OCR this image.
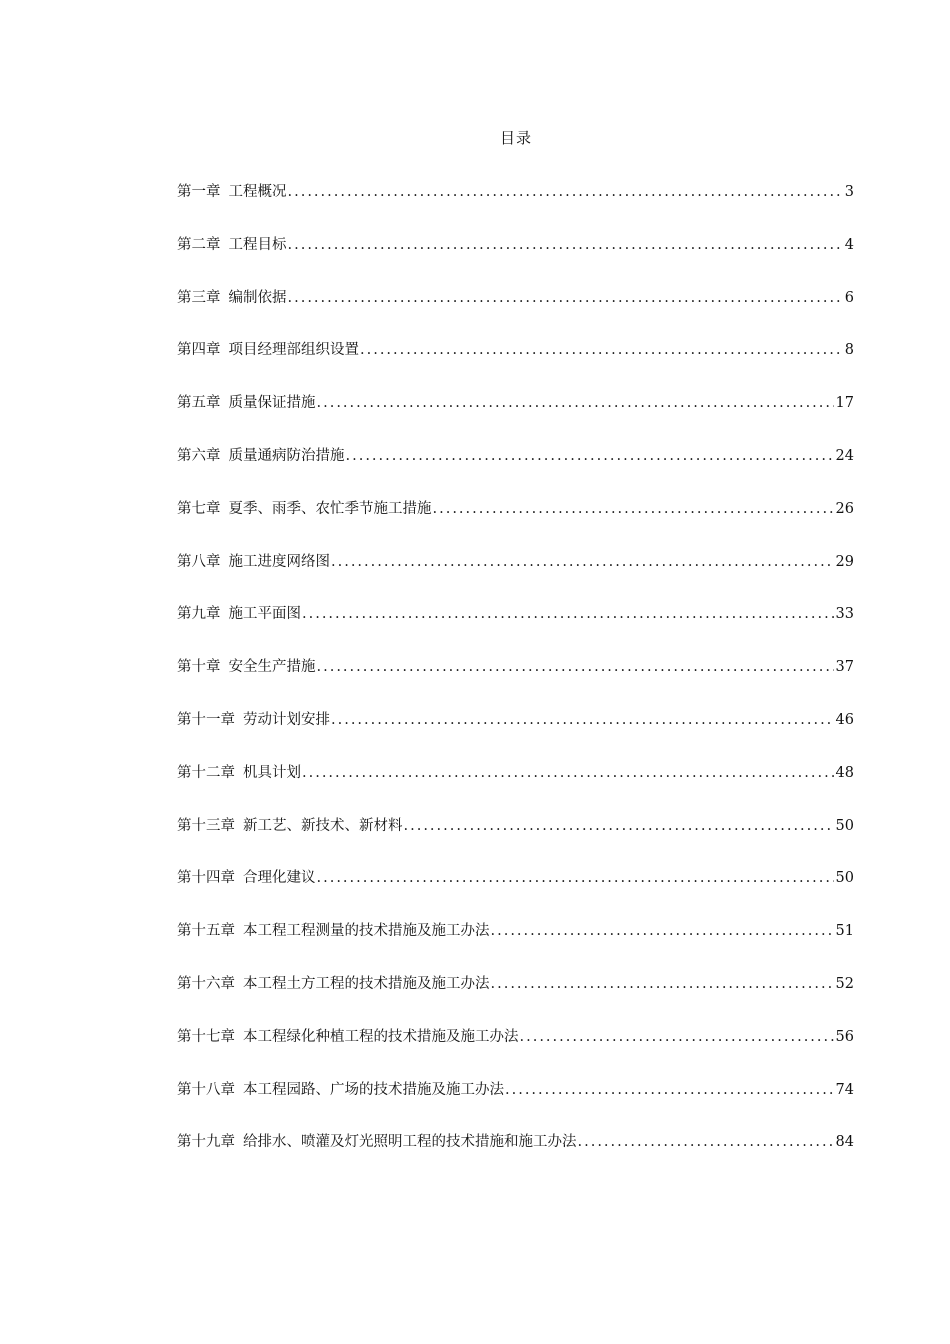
目录
第一章 工程概况 .....	3
第二章 工程目标 .....	4
第三章 编制依据 .....	6
第四章 项目经理部组织设置 .....	8
第五章 质量保证措施 .....	17
第六章 质量通病防治措施 .....	24
第七章 夏季、雨季、农忙季节施工措施 .....	26
第八章 施工进度网络图 .....	29
第九章 施工平面图 .....	33
第十章 安全生产措施 .....	37
第十一章 劳动计划安排 .....	46
第十二章 机具计划 .....	48
第十三章 新工艺、新技术、新材料 .....	50
第十四章 合理化建议 .....	50
第十五章 本工程工程测量的技术措施及施工办法 .....	51
第十六章 本工程土方工程的技术措施及施工办法 .....	52
第十七章 本工程绿化种植工程的技术措施及施工办法 .....	56
第十八章 本工程园路、广场的技术措施及施工办法 .....	74
第十九章 给排水、喷灌及灯光照明工程的技术措施和施工办法 .....	84
